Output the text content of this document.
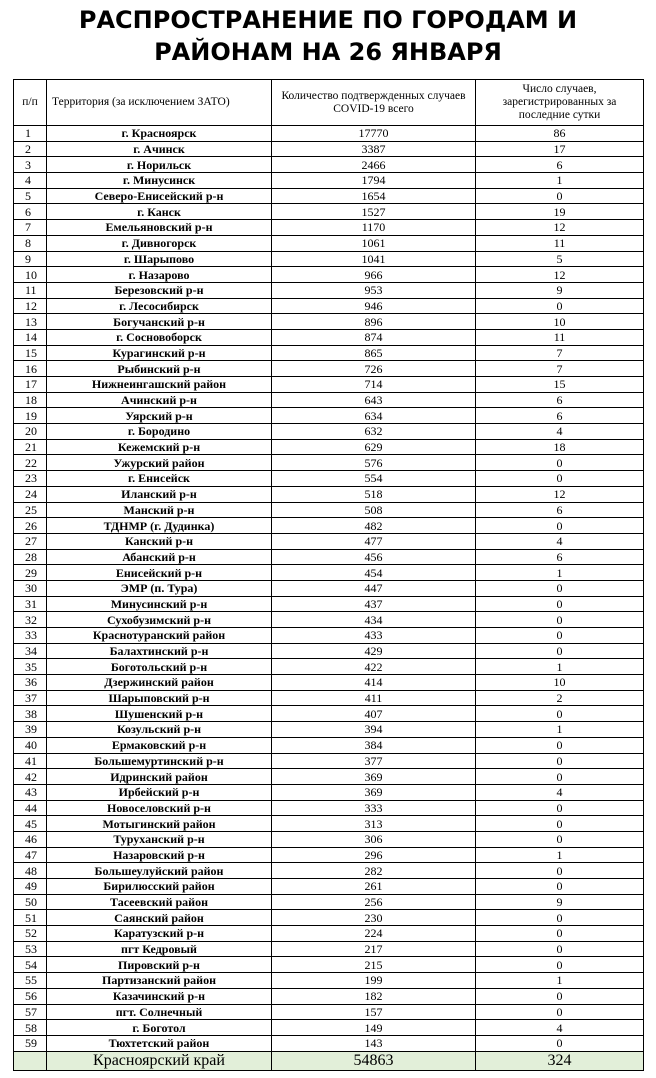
РАСПРОСТРАНЕНИЕ ПО ГОРОДАМ И
РАЙОНАМ НА 26 ЯНВАРЯ
п/п	Территория (за исключением ЗАТО)	Количество подтвержденных случаев COVID-19 всего	Число случаев, зарегистрированных за последние сутки
1	г. Красноярск	17770	86
2	г. Ачинск	3387	17
3	г. Норильск	2466	6
4	г. Минусинск	1794	1
5	Северо-Енисейский р-н	1654	0
6	г. Канск	1527	19
7	Емельяновский р-н	1170	12
8	г. Дивногорск	1061	11
9	г. Шарыпово	1041	5
10	г. Назарово	966	12
11	Березовский р-н	953	9
12	г. Лесосибирск	946	0
13	Богучанский р-н	896	10
14	г. Сосновоборск	874	11
15	Курагинский р-н	865	7
16	Рыбинский р-н	726	7
17	Нижнеингашский район	714	15
18	Ачинский р-н	643	6
19	Уярский р-н	634	6
20	г. Бородино	632	4
21	Кежемский р-н	629	18
22	Ужурский район	576	0
23	г. Енисейск	554	0
24	Иланский р-н	518	12
25	Манский р-н	508	6
26	ТДНМР (г. Дудинка)	482	0
27	Канский р-н	477	4
28	Абанский р-н	456	6
29	Енисейский р-н	454	1
30	ЭМР (п. Тура)	447	0
31	Минусинский р-н	437	0
32	Сухобузимский р-н	434	0
33	Краснотуранский район	433	0
34	Балахтинский р-н	429	0
35	Боготольский р-н	422	1
36	Дзержинский район	414	10
37	Шарыповский р-н	411	2
38	Шушенский р-н	407	0
39	Козульский р-н	394	1
40	Ермаковский р-н	384	0
41	Большемуртинский р-н	377	0
42	Идринский район	369	0
43	Ирбейский р-н	369	4
44	Новоселовский р-н	333	0
45	Мотыгинский район	313	0
46	Туруханский р-н	306	0
47	Назаровский р-н	296	1
48	Большеулуйский район	282	0
49	Бирилюсский район	261	0
50	Тасеевский район	256	9
51	Саянский район	230	0
52	Каратузский р-н	224	0
53	пгт Кедровый	217	0
54	Пировский р-н	215	0
55	Партизанский район	199	1
56	Казачинский р-н	182	0
57	пгт. Солнечный	157	0
58	г. Боготол	149	4
59	Тюхтетский район	143	0
	Красноярский край	54863	324
